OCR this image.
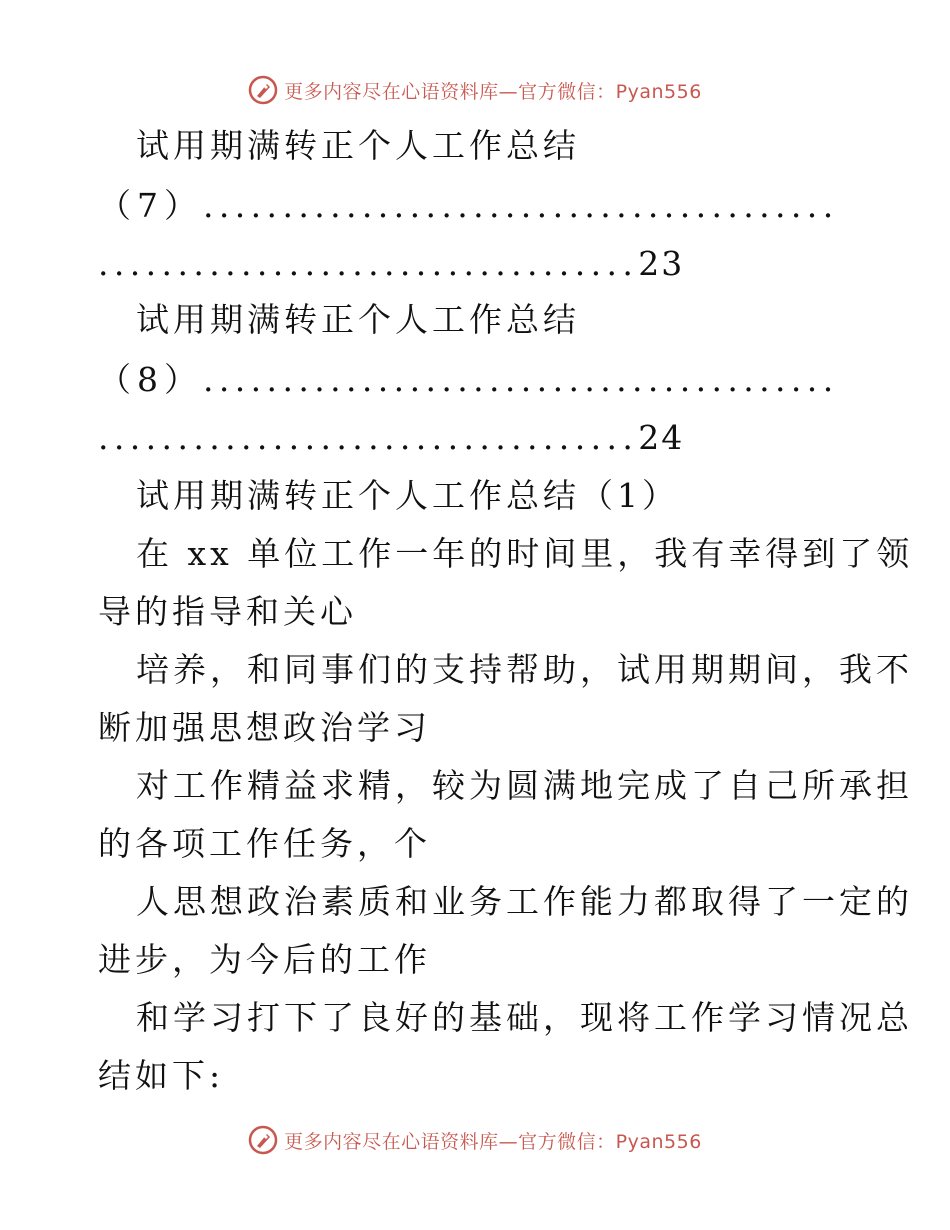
更多内容尽在心语资料库—官方微信：Pyan556
试用期满转正个人工作总结
（7）........................................
..................................23
试用期满转正个人工作总结
（8）........................................
..................................24
试用期满转正个人工作总结（1）
在 xx 单位工作一年的时间里，我有幸得到了领
导的指导和关心
培养，和同事们的支持帮助，试用期期间，我不
断加强思想政治学习
对工作精益求精，较为圆满地完成了自己所承担
的各项工作任务，个
人思想政治素质和业务工作能力都取得了一定的
进步，为今后的工作
和学习打下了良好的基础，现将工作学习情况总
结如下:
更多内容尽在心语资料库—官方微信：Pyan556
